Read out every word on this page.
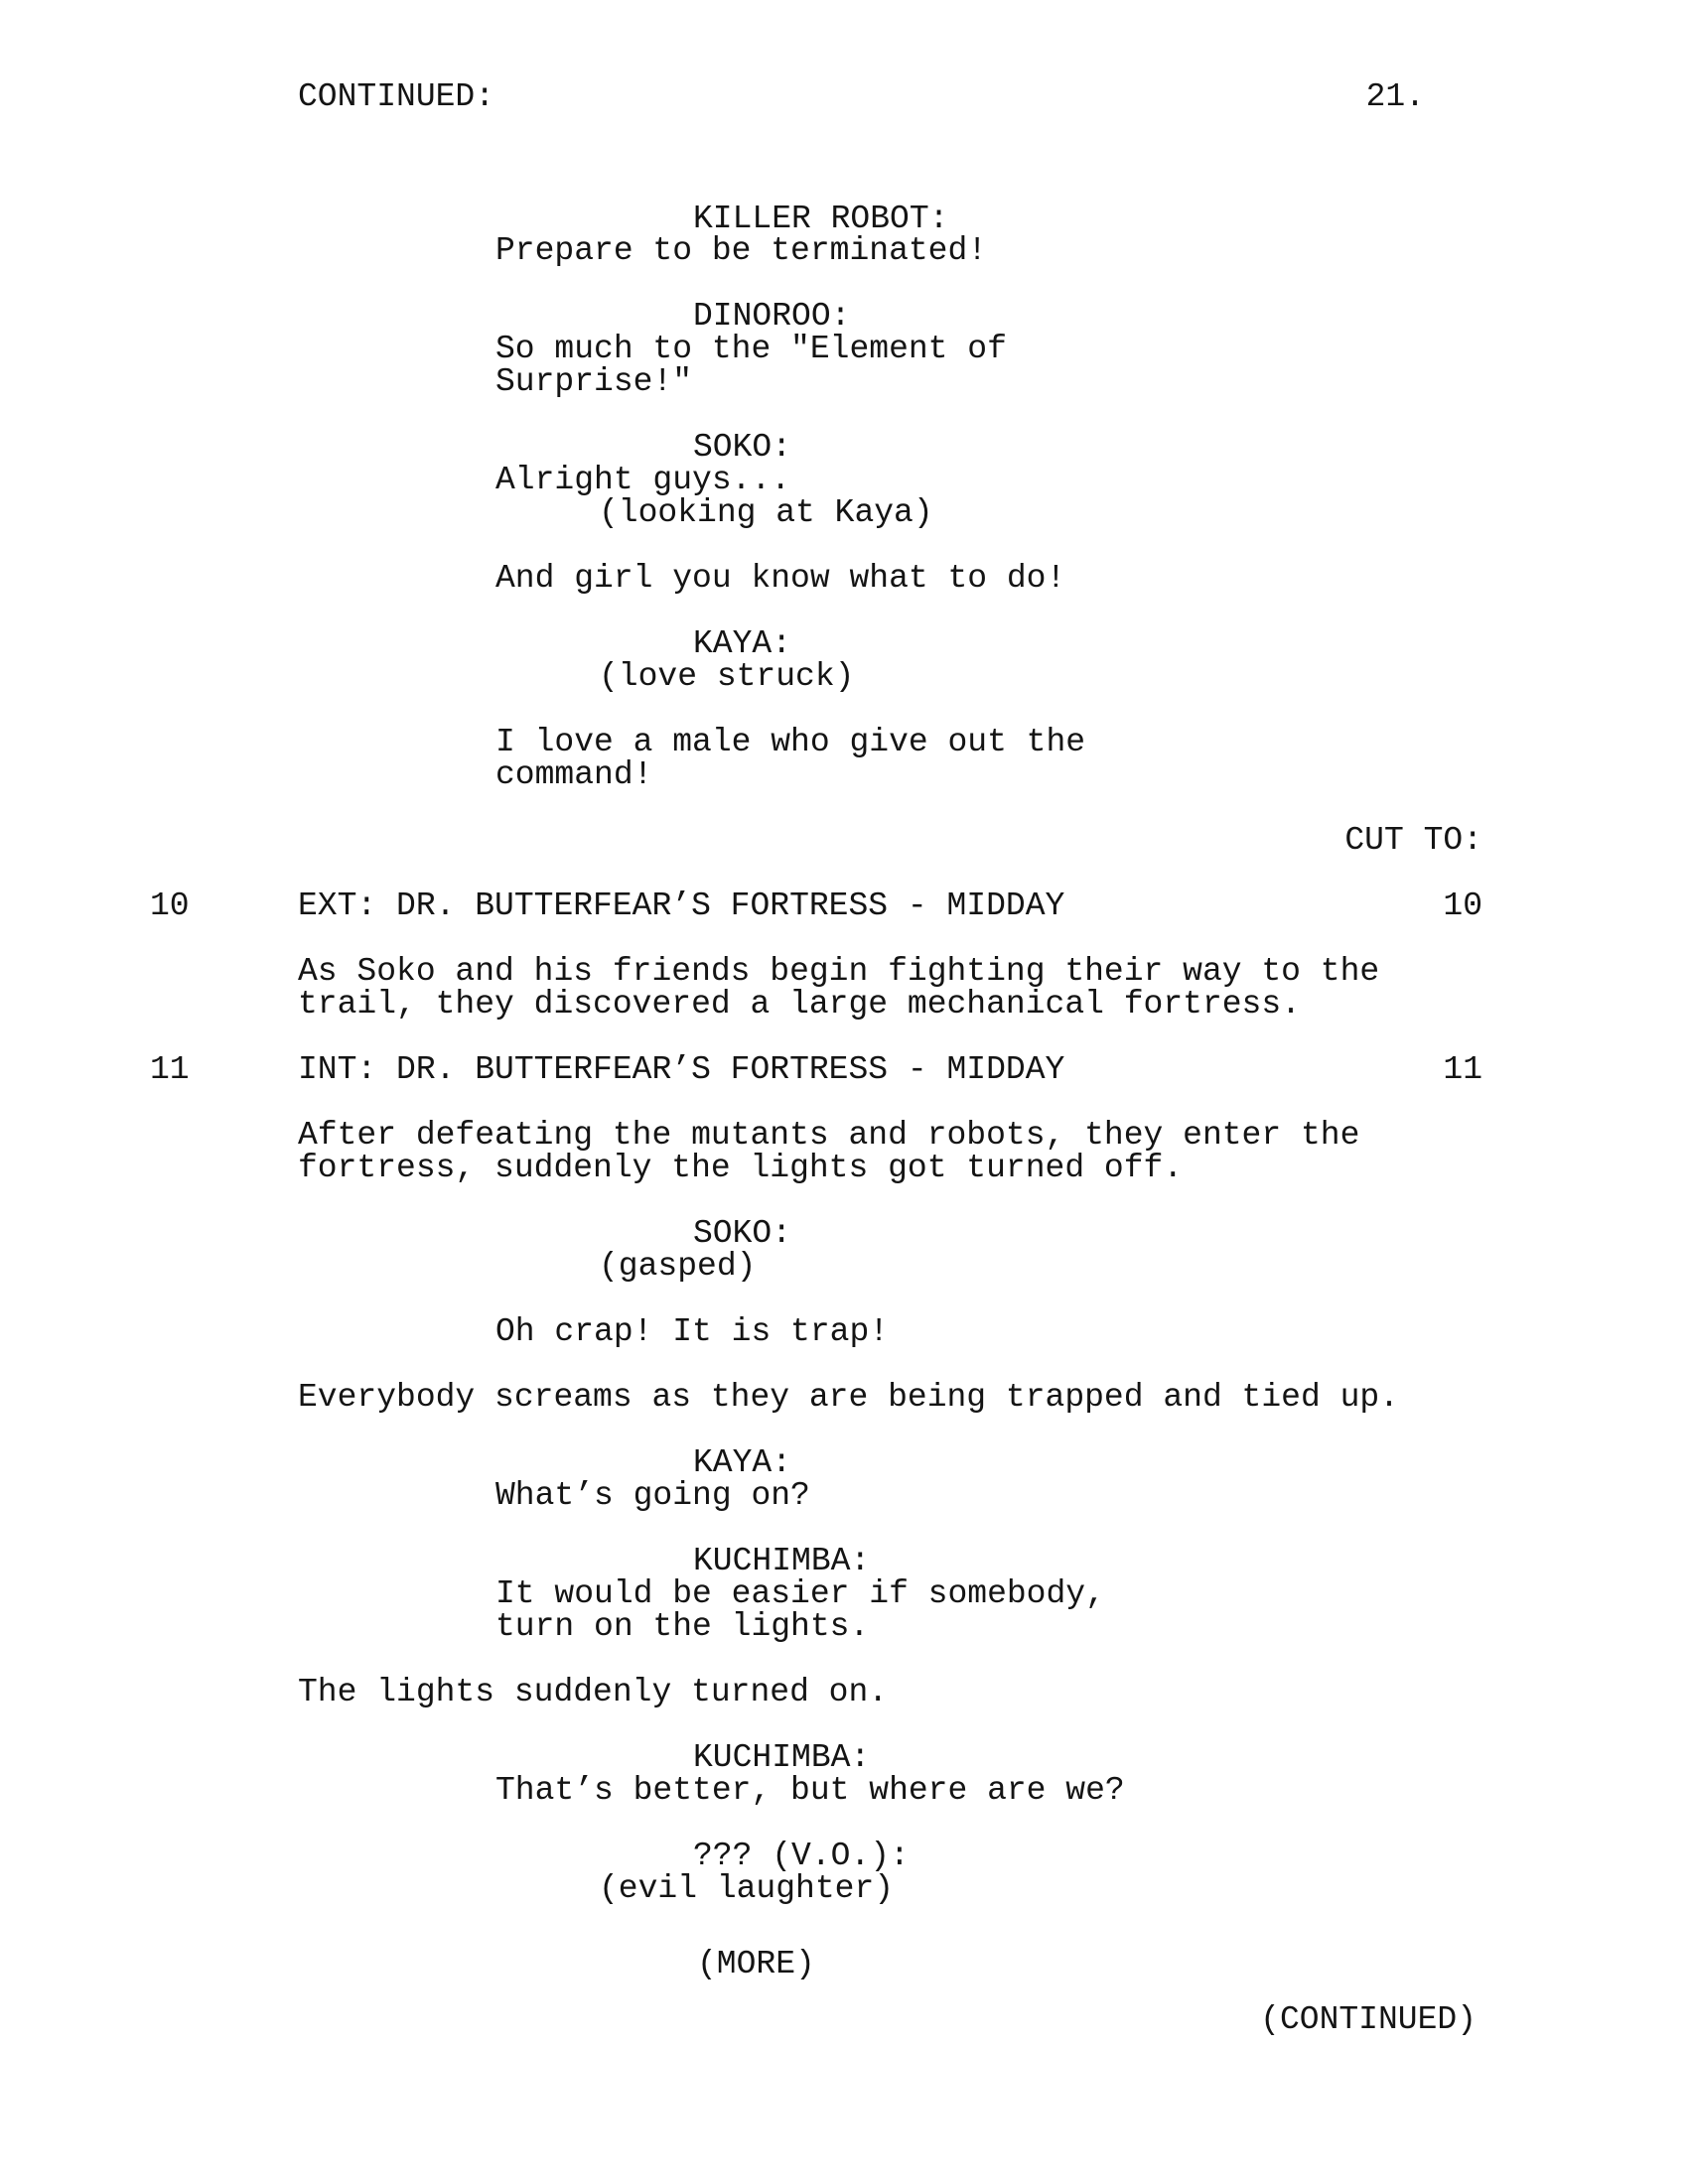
CONTINUED:	21.
KILLER ROBOT:
Prepare to be terminated!
DINOROO:
So much to the "Element of
Surprise!"
SOKO:
Alright guys...
(looking at Kaya)
And girl you know what to do!
KAYA:
(love struck)
I love a male who give out the
command!
CUT TO:
10	EXT: DR. BUTTERFEAR’S FORTRESS - MIDDAY	10
As Soko and his friends begin fighting their way to the
trail, they discovered a large mechanical fortress.
11	INT: DR. BUTTERFEAR’S FORTRESS - MIDDAY	11
After defeating the mutants and robots, they enter the
fortress, suddenly the lights got turned off.
SOKO:
(gasped)
Oh crap! It is trap!
Everybody screams as they are being trapped and tied up.
KAYA:
What’s going on?
KUCHIMBA:
It would be easier if somebody,
turn on the lights.
The lights suddenly turned on.
KUCHIMBA:
That’s better, but where are we?
??? (V.O.):
(evil laughter)
(MORE)
(CONTINUED)
